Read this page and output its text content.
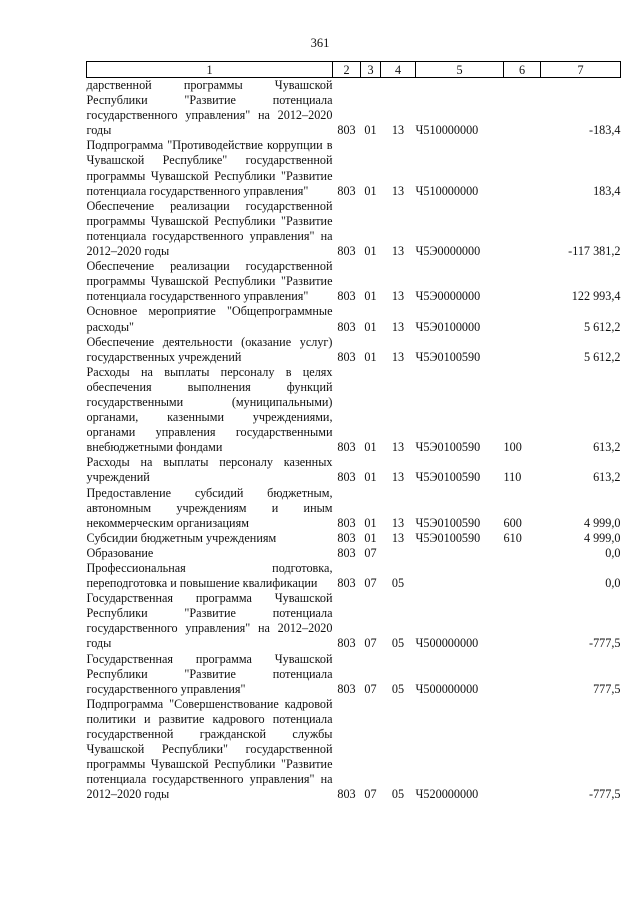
361
1	2	3	4	5	6	7
дарственной программы Чувашской Республики "Развитие потенциала государственного управления" на 2012–2020 годы	803	01	13	Ч510000000		-183,4
Подпрограмма "Противодействие коррупции в Чувашской Республике" государственной программы Чувашской Республики "Развитие потенциала государственного управления"	803	01	13	Ч510000000		183,4
Обеспечение реализации государственной программы Чувашской Республики "Развитие потенциала государственного управления" на 2012–2020 годы	803	01	13	Ч5Э0000000		-117 381,2
Обеспечение реализации государственной программы Чувашской Республики "Развитие потенциала государственного управления"	803	01	13	Ч5Э0000000		122 993,4
Основное мероприятие "Общепрограммные расходы"	803	01	13	Ч5Э0100000		5 612,2
Обеспечение деятельности (оказание услуг) государственных учреждений	803	01	13	Ч5Э0100590		5 612,2
Расходы на выплаты персоналу в целях обеспечения выполнения функций государственными (муниципальными) органами, казенными учреждениями, органами управления государственными внебюджетными фондами	803	01	13	Ч5Э0100590	100	613,2
Расходы на выплаты персоналу казенных учреждений	803	01	13	Ч5Э0100590	110	613,2
Предоставление субсидий бюджетным, автономным учреждениям и иным некоммерческим организациям	803	01	13	Ч5Э0100590	600	4 999,0
Субсидии бюджетным учреждениям	803	01	13	Ч5Э0100590	610	4 999,0
Образование	803	07				0,0
Профессиональная подготовка, переподготовка и повышение квалификации	803	07	05			0,0
Государственная программа Чувашской Республики "Развитие потенциала государственного управления" на 2012–2020 годы	803	07	05	Ч500000000		-777,5
Государственная программа Чувашской Республики "Развитие потенциала государственного управления"	803	07	05	Ч500000000		777,5
Подпрограмма "Совершенствование кадровой политики и развитие кадрового потенциала государственной гражданской службы Чувашской Республики" государственной программы Чувашской Республики "Развитие потенциала государственного управления" на 2012–2020 годы	803	07	05	Ч520000000		-777,5
